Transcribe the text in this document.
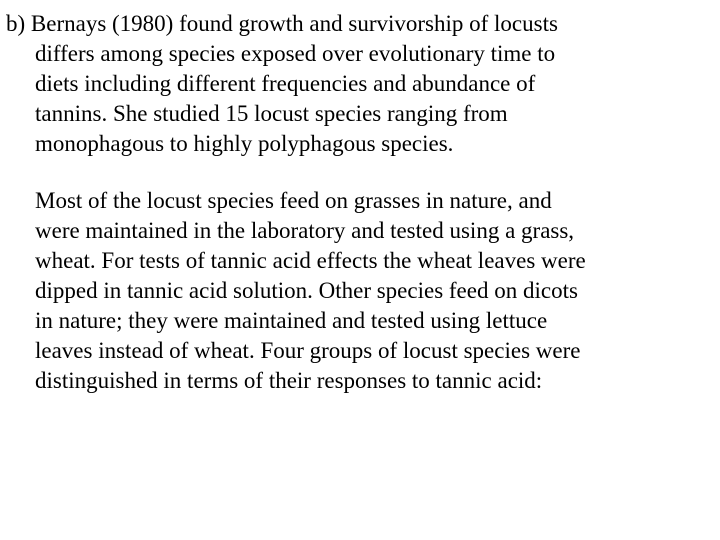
b) Bernays (1980) found growth and survivorship of locusts
differs among species exposed over evolutionary time to
diets including different frequencies and abundance of
tannins. She studied 15 locust species ranging from
monophagous to highly polyphagous species.

Most of the locust species feed on grasses in nature, and
were maintained in the laboratory and tested using a grass,
wheat. For tests of tannic acid effects the wheat leaves were
dipped in tannic acid solution. Other species feed on dicots
in nature; they were maintained and tested using lettuce
leaves instead of wheat. Four groups of locust species were
distinguished in terms of their responses to tannic acid:
